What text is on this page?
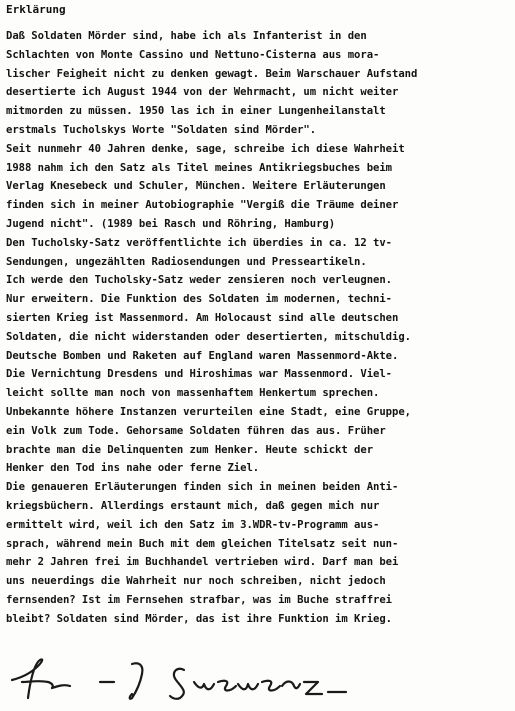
Erklärung
Daß Soldaten Mörder sind, habe ich als Infanterist in den
Schlachten von Monte Cassino und Nettuno-Cisterna aus mora-
lischer Feigheit nicht zu denken gewagt. Beim Warschauer Aufstand
desertierte ich August 1944 von der Wehrmacht, um nicht weiter
mitmorden zu müssen. 1950 las ich in einer Lungenheilanstalt
erstmals Tucholskys Worte "Soldaten sind Mörder".
Seit nunmehr 40 Jahren denke, sage, schreibe ich diese Wahrheit
1988 nahm ich den Satz als Titel meines Antikriegsbuches beim
Verlag Knesebeck und Schuler, München. Weitere Erläuterungen
finden sich in meiner Autobiographie "Vergiß die Träume deiner
Jugend nicht". (1989 bei Rasch und Röhring, Hamburg)
Den Tucholsky-Satz veröffentlichte ich überdies in ca. 12 tv-
Sendungen, ungezählten Radiosendungen und Presseartikeln.
Ich werde den Tucholsky-Satz weder zensieren noch verleugnen.
Nur erweitern. Die Funktion des Soldaten im modernen, techni-
sierten Krieg ist Massenmord. Am Holocaust sind alle deutschen
Soldaten, die nicht widerstanden oder desertierten, mitschuldig.
Deutsche Bomben und Raketen auf England waren Massenmord-Akte.
Die Vernichtung Dresdens und Hiroshimas war Massenmord. Viel-
leicht sollte man noch von massenhaftem Henkertum sprechen.
Unbekannte höhere Instanzen verurteilen eine Stadt, eine Gruppe,
ein Volk zum Tode. Gehorsame Soldaten führen das aus. Früher
brachte man die Delinquenten zum Henker. Heute schickt der
Henker den Tod ins nahe oder ferne Ziel.
Die genaueren Erläuterungen finden sich in meinen beiden Anti-
kriegsbüchern. Allerdings erstaunt mich, daß gegen mich nur
ermittelt wird, weil ich den Satz im 3.WDR-tv-Programm aus-
sprach, während mein Buch mit dem gleichen Titelsatz seit nun-
mehr 2 Jahren frei im Buchhandel vertrieben wird. Darf man bei
uns neuerdings die Wahrheit nur noch schreiben, nicht jedoch
fernsenden? Ist im Fernsehen strafbar, was im Buche straffrei
bleibt? Soldaten sind Mörder, das ist ihre Funktion im Krieg.
